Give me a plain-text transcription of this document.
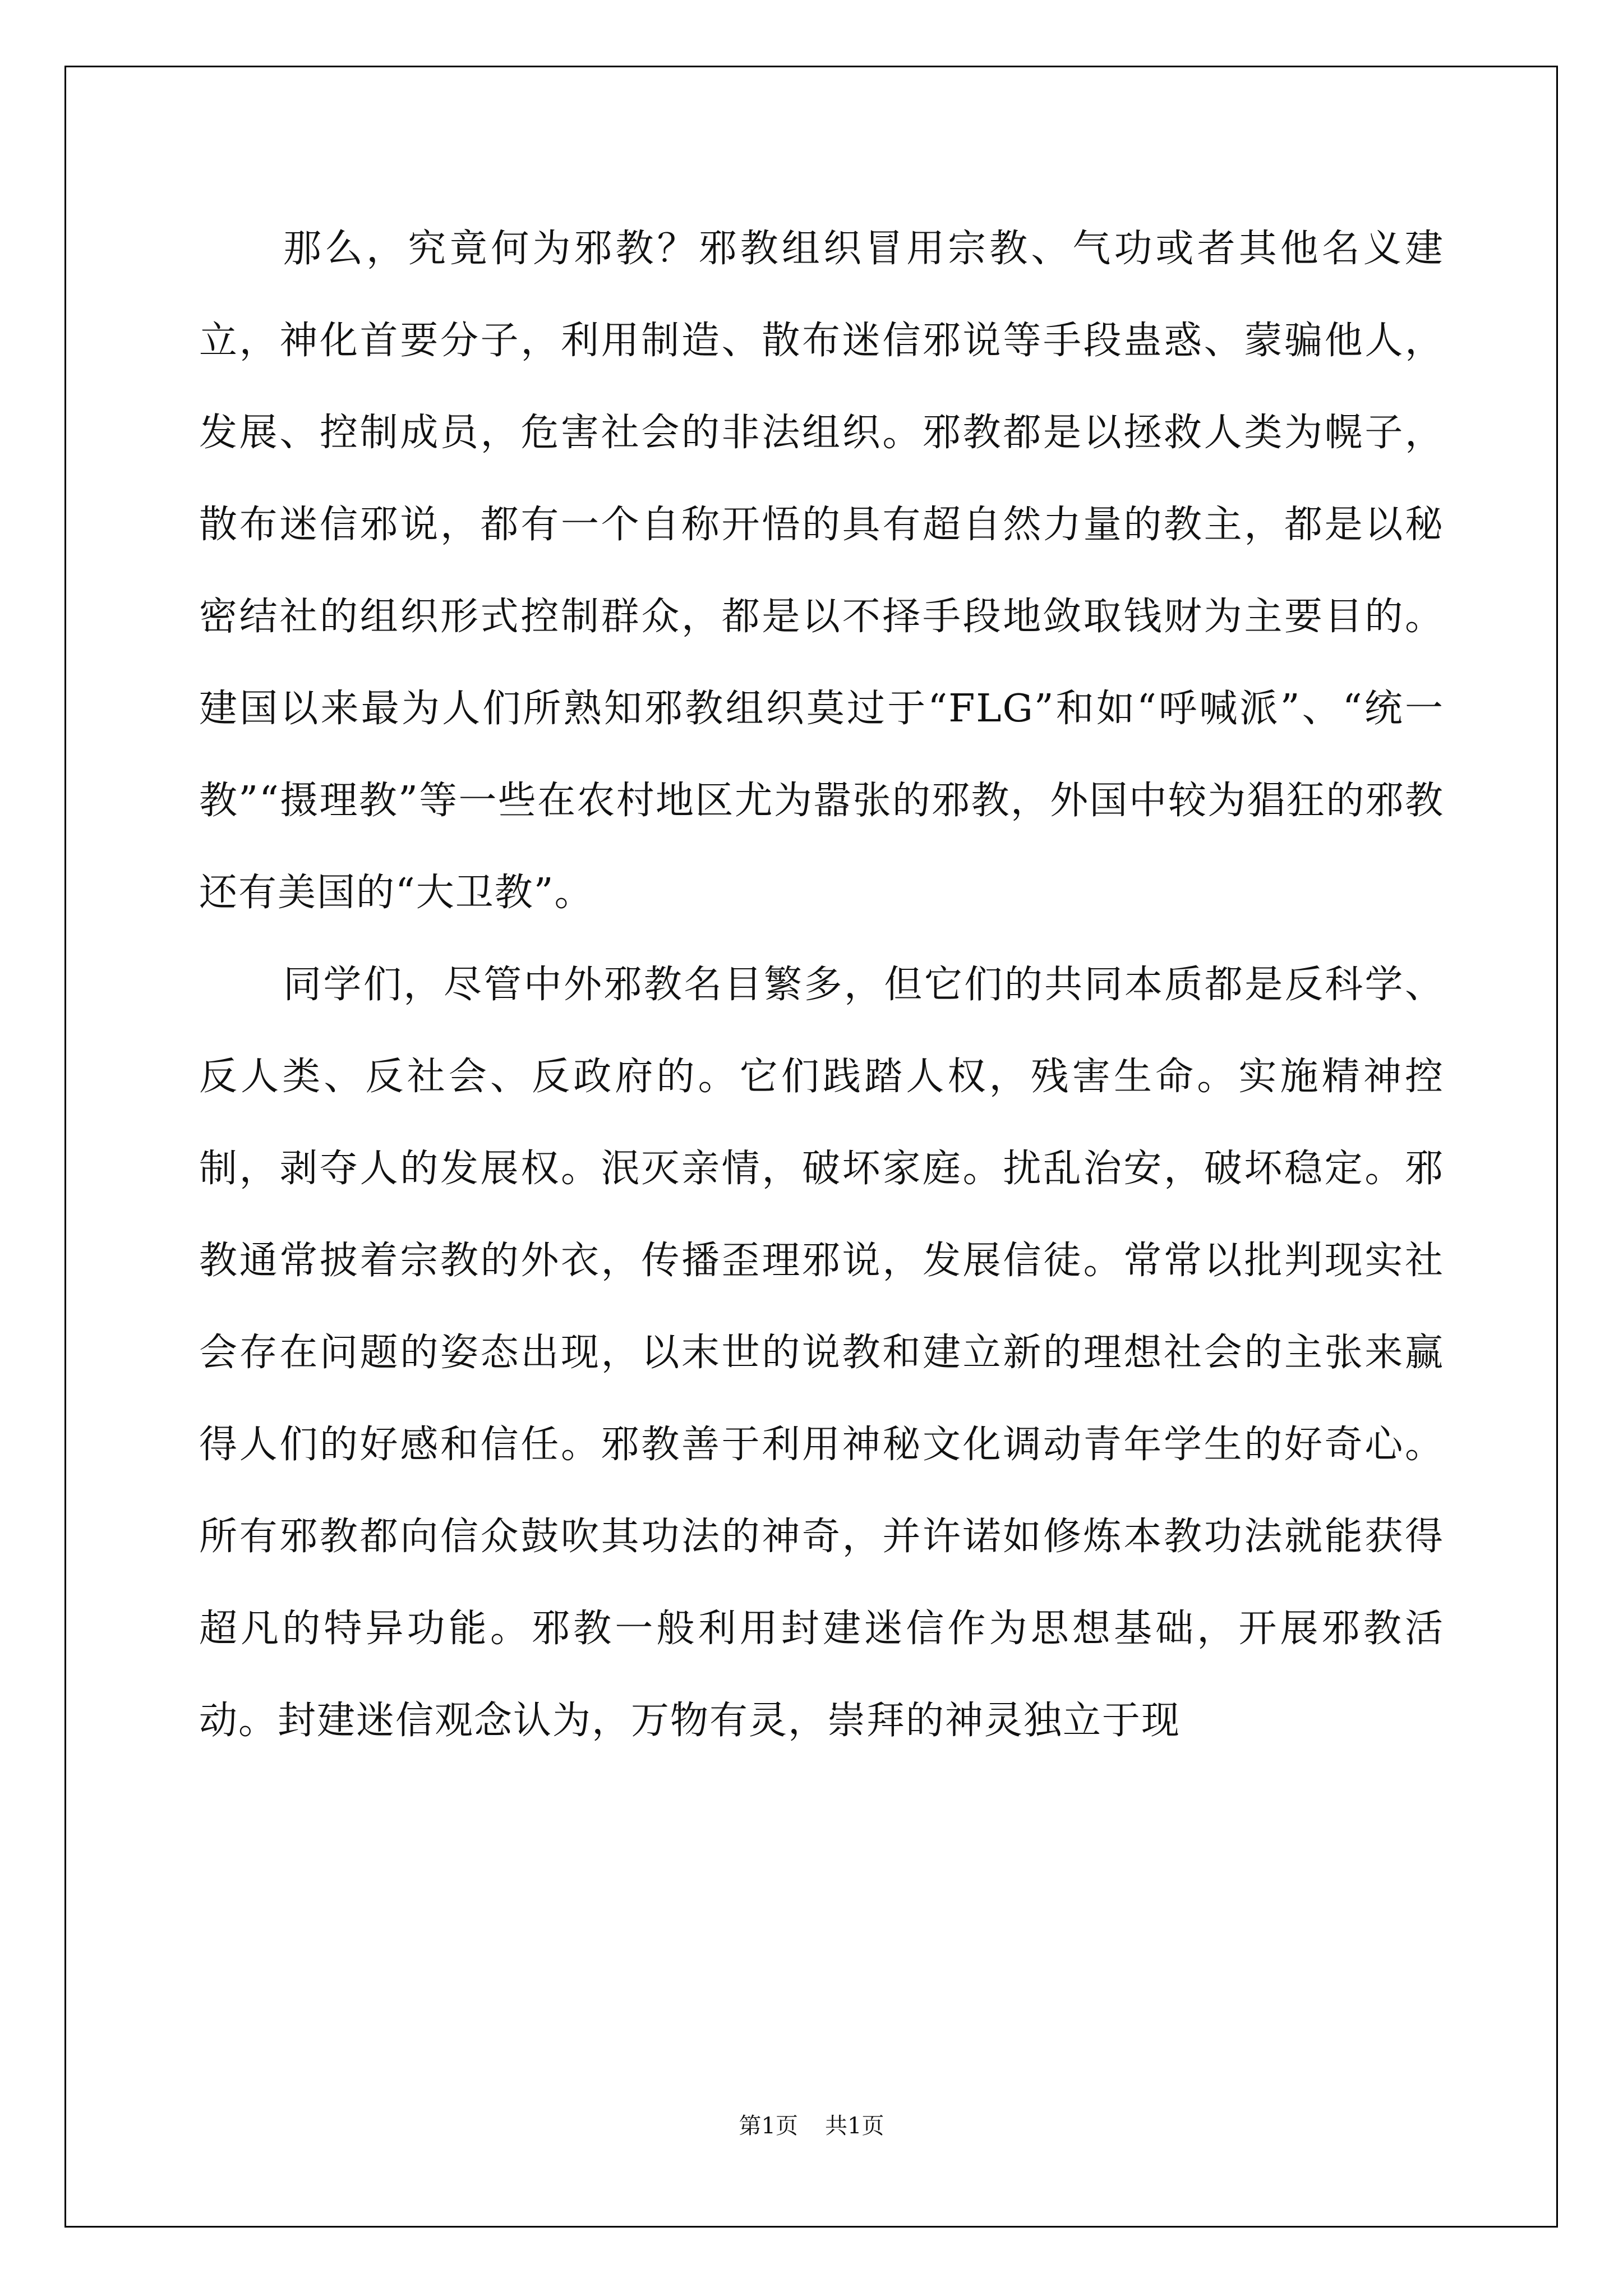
那么，究竟何为邪教？邪教组织冒用宗教、气功或者其他名义建立，神化首要分子，利用制造、散布迷信邪说等手段蛊惑、蒙骗他人，发展、控制成员，危害社会的非法组织。邪教都是以拯救人类为幌子，散布迷信邪说，都有一个自称开悟的具有超自然力量的教主，都是以秘密结社的组织形式控制群众，都是以不择手段地敛取钱财为主要目的。建国以来最为人们所熟知邪教组织莫过于“FLG”和如“呼喊派”、“统一教”“摄理教”等一些在农村地区尤为嚣张的邪教，外国中较为猖狂的邪教还有美国的“大卫教”。

同学们，尽管中外邪教名目繁多，但它们的共同本质都是反科学、反人类、反社会、反政府的。它们践踏人权，残害生命。实施精神控制，剥夺人的发展权。泯灭亲情，破坏家庭。扰乱治安，破坏稳定。邪教通常披着宗教的外衣，传播歪理邪说，发展信徒。常常以批判现实社会存在问题的姿态出现，以末世的说教和建立新的理想社会的主张来赢得人们的好感和信任。邪教善于利用神秘文化调动青年学生的好奇心。所有邪教都向信众鼓吹其功法的神奇，并许诺如修炼本教功法就能获得超凡的特异功能。邪教一般利用封建迷信作为思想基础，开展邪教活动。封建迷信观念认为，万物有灵，崇拜的神灵独立于现

第1页 共1页
